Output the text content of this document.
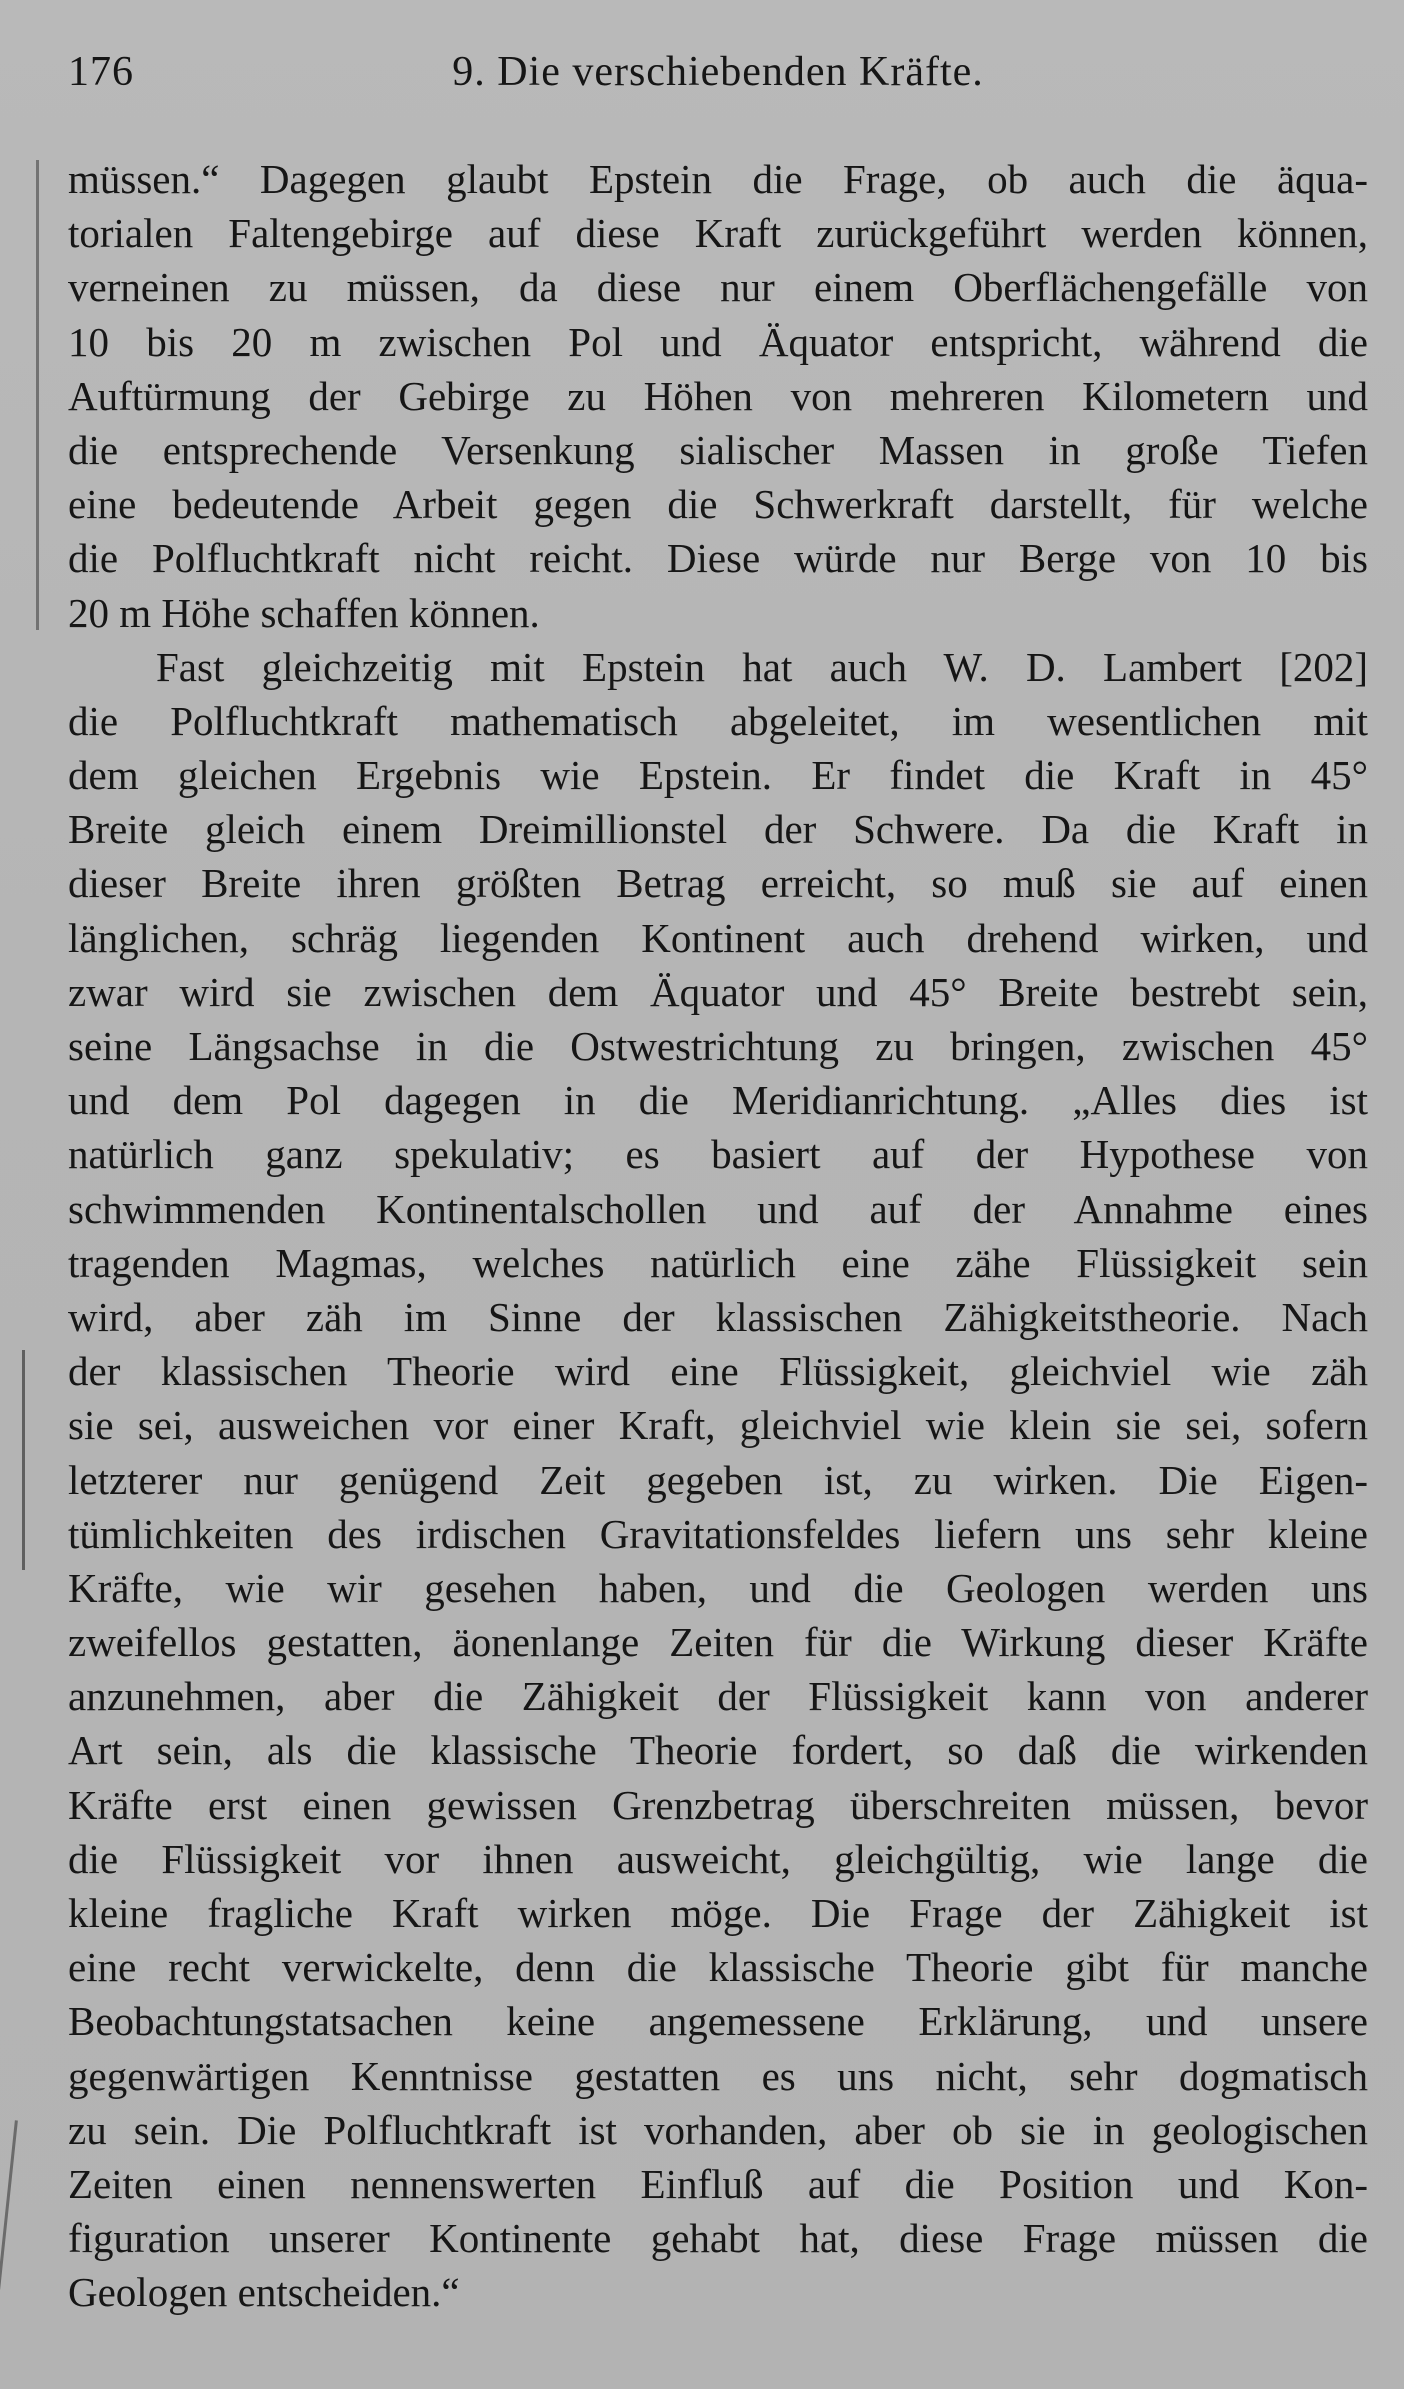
176	9. Die verschiebenden Kräfte.
müssen.“ Dagegen glaubt Epstein die Frage, ob auch die äqua-
torialen Faltengebirge auf diese Kraft zurückgeführt werden können,
verneinen zu müssen, da diese nur einem Oberflächengefälle von
10 bis 20 m zwischen Pol und Äquator entspricht, während die
Auftürmung der Gebirge zu Höhen von mehreren Kilometern und
die entsprechende Versenkung sialischer Massen in große Tiefen
eine bedeutende Arbeit gegen die Schwerkraft darstellt, für welche
die Polfluchtkraft nicht reicht. Diese würde nur Berge von 10 bis
20 m Höhe schaffen können.
Fast gleichzeitig mit Epstein hat auch W. D. Lambert [202]
die Polfluchtkraft mathematisch abgeleitet, im wesentlichen mit
dem gleichen Ergebnis wie Epstein. Er findet die Kraft in 45°
Breite gleich einem Dreimillionstel der Schwere. Da die Kraft in
dieser Breite ihren größten Betrag erreicht, so muß sie auf einen
länglichen, schräg liegenden Kontinent auch drehend wirken, und
zwar wird sie zwischen dem Äquator und 45° Breite bestrebt sein,
seine Längsachse in die Ostwestrichtung zu bringen, zwischen 45°
und dem Pol dagegen in die Meridianrichtung. „Alles dies ist
natürlich ganz spekulativ; es basiert auf der Hypothese von
schwimmenden Kontinentalschollen und auf der Annahme eines
tragenden Magmas, welches natürlich eine zähe Flüssigkeit sein
wird, aber zäh im Sinne der klassischen Zähigkeitstheorie. Nach
der klassischen Theorie wird eine Flüssigkeit, gleichviel wie zäh
sie sei, ausweichen vor einer Kraft, gleichviel wie klein sie sei, sofern
letzterer nur genügend Zeit gegeben ist, zu wirken. Die Eigen-
tümlichkeiten des irdischen Gravitationsfeldes liefern uns sehr kleine
Kräfte, wie wir gesehen haben, und die Geologen werden uns
zweifellos gestatten, äonenlange Zeiten für die Wirkung dieser Kräfte
anzunehmen, aber die Zähigkeit der Flüssigkeit kann von anderer
Art sein, als die klassische Theorie fordert, so daß die wirkenden
Kräfte erst einen gewissen Grenzbetrag überschreiten müssen, bevor
die Flüssigkeit vor ihnen ausweicht, gleichgültig, wie lange die
kleine fragliche Kraft wirken möge. Die Frage der Zähigkeit ist
eine recht verwickelte, denn die klassische Theorie gibt für manche
Beobachtungstatsachen keine angemessene Erklärung, und unsere
gegenwärtigen Kenntnisse gestatten es uns nicht, sehr dogmatisch
zu sein. Die Polfluchtkraft ist vorhanden, aber ob sie in geologischen
Zeiten einen nennenswerten Einfluß auf die Position und Kon-
figuration unserer Kontinente gehabt hat, diese Frage müssen die
Geologen entscheiden.“
